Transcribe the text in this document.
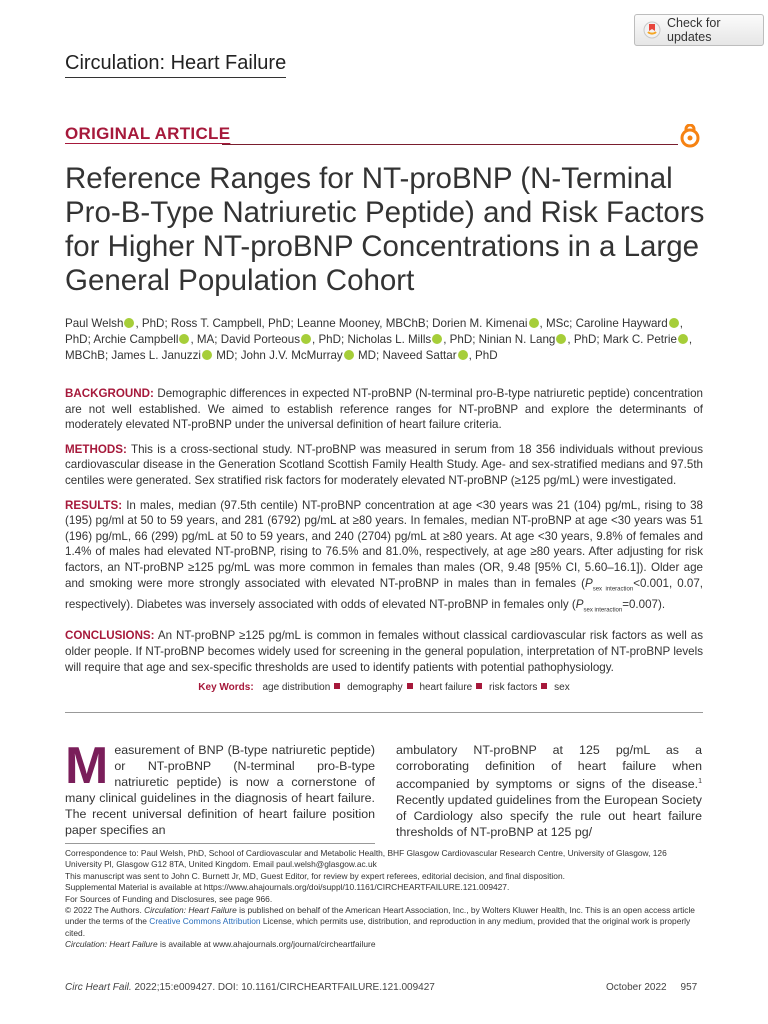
Check for updates
Circulation: Heart Failure
ORIGINAL ARTICLE
Reference Ranges for NT-proBNP (N-Terminal Pro-B-Type Natriuretic Peptide) and Risk Factors for Higher NT-proBNP Concentrations in a Large General Population Cohort
Paul Welsh , PhD; Ross T. Campbell, PhD; Leanne Mooney, MBChB; Dorien M. Kimenai , MSc; Caroline Hayward , PhD; Archie Campbell , MA; David Porteous , PhD; Nicholas L. Mills , PhD; Ninian N. Lang , PhD; Mark C. Petrie , MBChB; James L. Januzzi MD; John J.V. McMurray MD; Naveed Sattar , PhD

BACKGROUND: Demographic differences in expected NT-proBNP (N-terminal pro-B-type natriuretic peptide) concentration are not well established. We aimed to establish reference ranges for NT-proBNP and explore the determinants of moderately elevated NT-proBNP under the universal definition of heart failure criteria.

METHODS: This is a cross-sectional study. NT-proBNP was measured in serum from 18 356 individuals without previous cardiovascular disease in the Generation Scotland Scottish Family Health Study. Age- and sex-stratified medians and 97.5th centiles were generated. Sex stratified risk factors for moderately elevated NT-proBNP (≥125 pg/mL) were investigated.

RESULTS: In males, median (97.5th centile) NT-proBNP concentration at age <30 years was 21 (104) pg/mL, rising to 38 (195) pg/ml at 50 to 59 years, and 281 (6792) pg/mL at ≥80 years. In females, median NT-proBNP at age <30 years was 51 (196) pg/mL, 66 (299) pg/mL at 50 to 59 years, and 240 (2704) pg/mL at ≥80 years. At age <30 years, 9.8% of females and 1.4% of males had elevated NT-proBNP, rising to 76.5% and 81.0%, respectively, at age ≥80 years. After adjusting for risk factors, an NT-proBNP ≥125 pg/mL was more common in females than males (OR, 9.48 [95% CI, 5.60–16.1]). Older age and smoking were more strongly associated with elevated NT-proBNP in males than in females ($P_{sex interaction}<0.001$, 0.07, respectively). Diabetes was inversely associated with odds of elevated NT-proBNP in females only $(P_{sex interaction}=0.007)$.

CONCLUSIONS: An NT-proBNP ≥125 pg/mL is common in females without classical cardiovascular risk factors as well as older people. If NT-proBNP becomes widely used for screening in the general population, interpretation of NT-proBNP levels will require that age and sex-specific thresholds are used to identify patients with potential pathophysiology.

Key Words: age distribution demography heart failure risk factors sex
Measurement of BNP (B-type natriuretic peptide) or NT-proBNP (N-terminal pro-B-type natriuretic peptide) is now a cornerstone of many clinical guidelines in the diagnosis of heart failure. The recent universal definition of heart failure position paper specifies an
ambulatory NT-proBNP at 125 pg/mL as a corroborating definition of heart failure when accompanied by symptoms or signs of the disease.$^1$ Recently updated guidelines from the European Society of Cardiology also specify the rule out heart failure thresholds of NT-proBNP at 125 pg/
Correspondence to: Paul Welsh, PhD, School of Cardiovascular and Metabolic Health, BHF Glasgow Cardiovascular Research Centre, University of Glasgow, 126 University Pl, Glasgow G12 8TA, United Kingdom. Email paul.welsh@glasgow.ac.uk
This manuscript was sent to John C. Burnett Jr, MD, Guest Editor, for review by expert referees, editorial decision, and final disposition.
Supplemental Material is available at https://www.ahajournals.org/doi/suppl/10.1161/CIRCHEARTFAILURE.121.009427.
For Sources of Funding and Disclosures, see page 966.
© 2022 The Authors. Circulation: Heart Failure is published on behalf of the American Heart Association, Inc., by Wolters Kluwer Health, Inc. This is an open access article under the terms of the Creative Commons Attribution License, which permits use, distribution, and reproduction in any medium, provided that the original work is properly cited.
Circulation: Heart Failure is available at www.ahajournals.org/journal/circheartfailure
Circ Heart Fail. 2022;15:e009427. DOI: 10.1161/CIRCHEARTFAILURE.121.009427	October 2022 957
